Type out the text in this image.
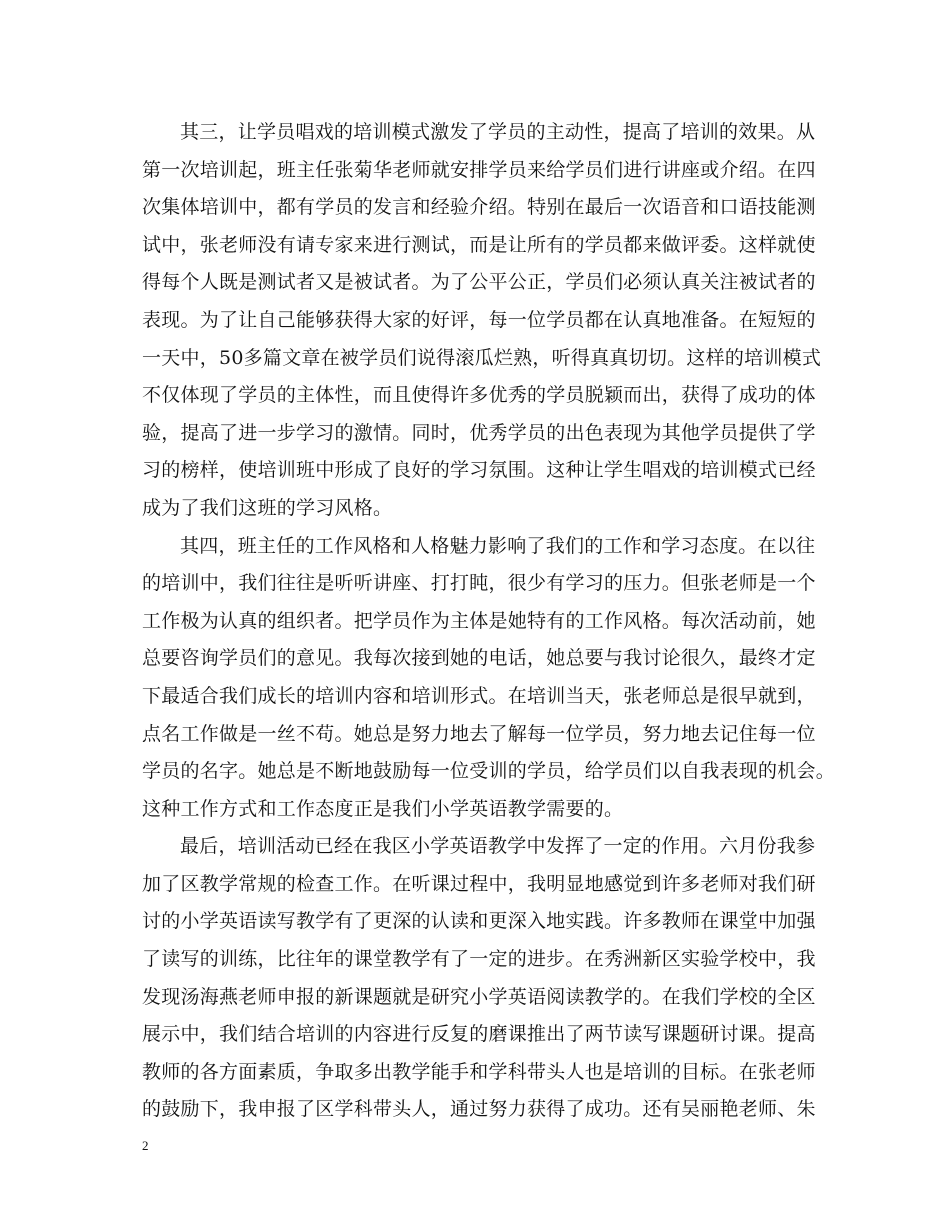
其三，让学员唱戏的培训模式激发了学员的主动性，提高了培训的效果。从
第一次培训起，班主任张菊华老师就安排学员来给学员们进行讲座或介绍。在四
次集体培训中，都有学员的发言和经验介绍。特别在最后一次语音和口语技能测
试中，张老师没有请专家来进行测试，而是让所有的学员都来做评委。这样就使
得每个人既是测试者又是被试者。为了公平公正，学员们必须认真关注被试者的
表现。为了让自己能够获得大家的好评，每一位学员都在认真地准备。在短短的
一天中，50多篇文章在被学员们说得滚瓜烂熟，听得真真切切。这样的培训模式
不仅体现了学员的主体性，而且使得许多优秀的学员脱颖而出，获得了成功的体
验，提高了进一步学习的激情。同时，优秀学员的出色表现为其他学员提供了学
习的榜样，使培训班中形成了良好的学习氛围。这种让学生唱戏的培训模式已经
成为了我们这班的学习风格。
其四，班主任的工作风格和人格魅力影响了我们的工作和学习态度。在以往
的培训中，我们往往是听听讲座、打打盹，很少有学习的压力。但张老师是一个
工作极为认真的组织者。把学员作为主体是她特有的工作风格。每次活动前，她
总要咨询学员们的意见。我每次接到她的电话，她总要与我讨论很久，最终才定
下最适合我们成长的培训内容和培训形式。在培训当天，张老师总是很早就到，
点名工作做是一丝不苟。她总是努力地去了解每一位学员，努力地去记住每一位
学员的名字。她总是不断地鼓励每一位受训的学员，给学员们以自我表现的机会。
这种工作方式和工作态度正是我们小学英语教学需要的。
最后，培训活动已经在我区小学英语教学中发挥了一定的作用。六月份我参
加了区教学常规的检查工作。在听课过程中，我明显地感觉到许多老师对我们研
讨的小学英语读写教学有了更深的认读和更深入地实践。许多教师在课堂中加强
了读写的训练，比往年的课堂教学有了一定的进步。在秀洲新区实验学校中，我
发现汤海燕老师申报的新课题就是研究小学英语阅读教学的。在我们学校的全区
展示中，我们结合培训的内容进行反复的磨课推出了两节读写课题研讨课。提高
教师的各方面素质，争取多出教学能手和学科带头人也是培训的目标。在张老师
的鼓励下，我申报了区学科带头人，通过努力获得了成功。还有吴丽艳老师、朱
2
